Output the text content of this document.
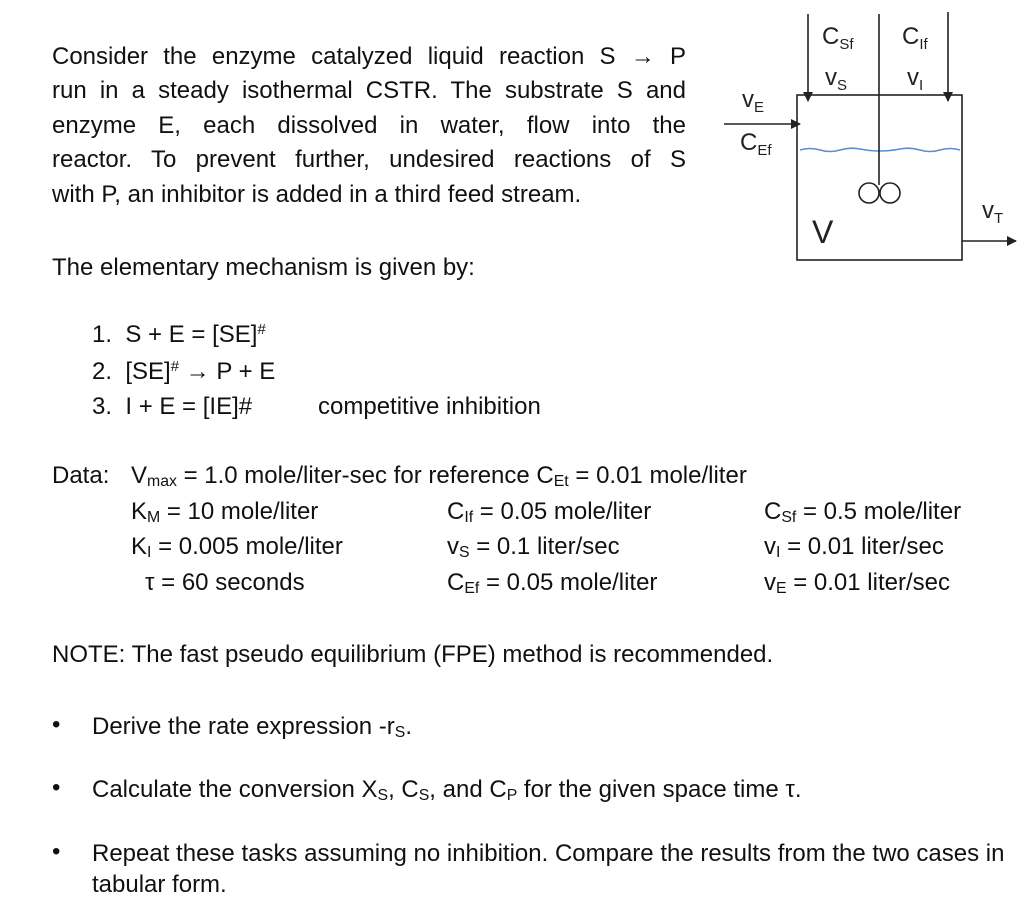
Consider the enzyme catalyzed liquid reaction S → P
run in a steady isothermal CSTR. The substrate S and
enzyme E, each dissolved in water, flow into the
reactor. To prevent further, undesired reactions of S
with P, an inhibitor is added in a third feed stream.
$C_{Sf}$ $C_{If}$
$v_S$ $v_I$
$v_E$
$C_{Ef}$
$v_T$
V
The elementary mechanism is given by:
1. S + E = [SE]#
2. [SE]# → P + E
3. I + E = [IE]#	competitive inhibition
Data: $V_{max} = 1.0$ mole/liter-sec for reference $C_{Et} = 0.01$ mole/liter
$K_M = 10$ mole/liter	$C_{If} = 0.05$ mole/liter	$C_{Sf} = 0.5$ mole/liter
$K_I = 0.005$ mole/liter	$v_S = 0.1$ liter/sec	$v_I = 0.01$ liter/sec
τ = 60 seconds	$C_{Ef} = 0.05$ mole/liter	$v_E = 0.01$ liter/sec
NOTE: The fast pseudo equilibrium (FPE) method is recommended.
• Derive the rate expression $-r_S$.
• Calculate the conversion $X_S$, $C_S$, and $C_P$ for the given space time τ.
• Repeat these tasks assuming no inhibition. Compare the results from the two cases in tabular form.
